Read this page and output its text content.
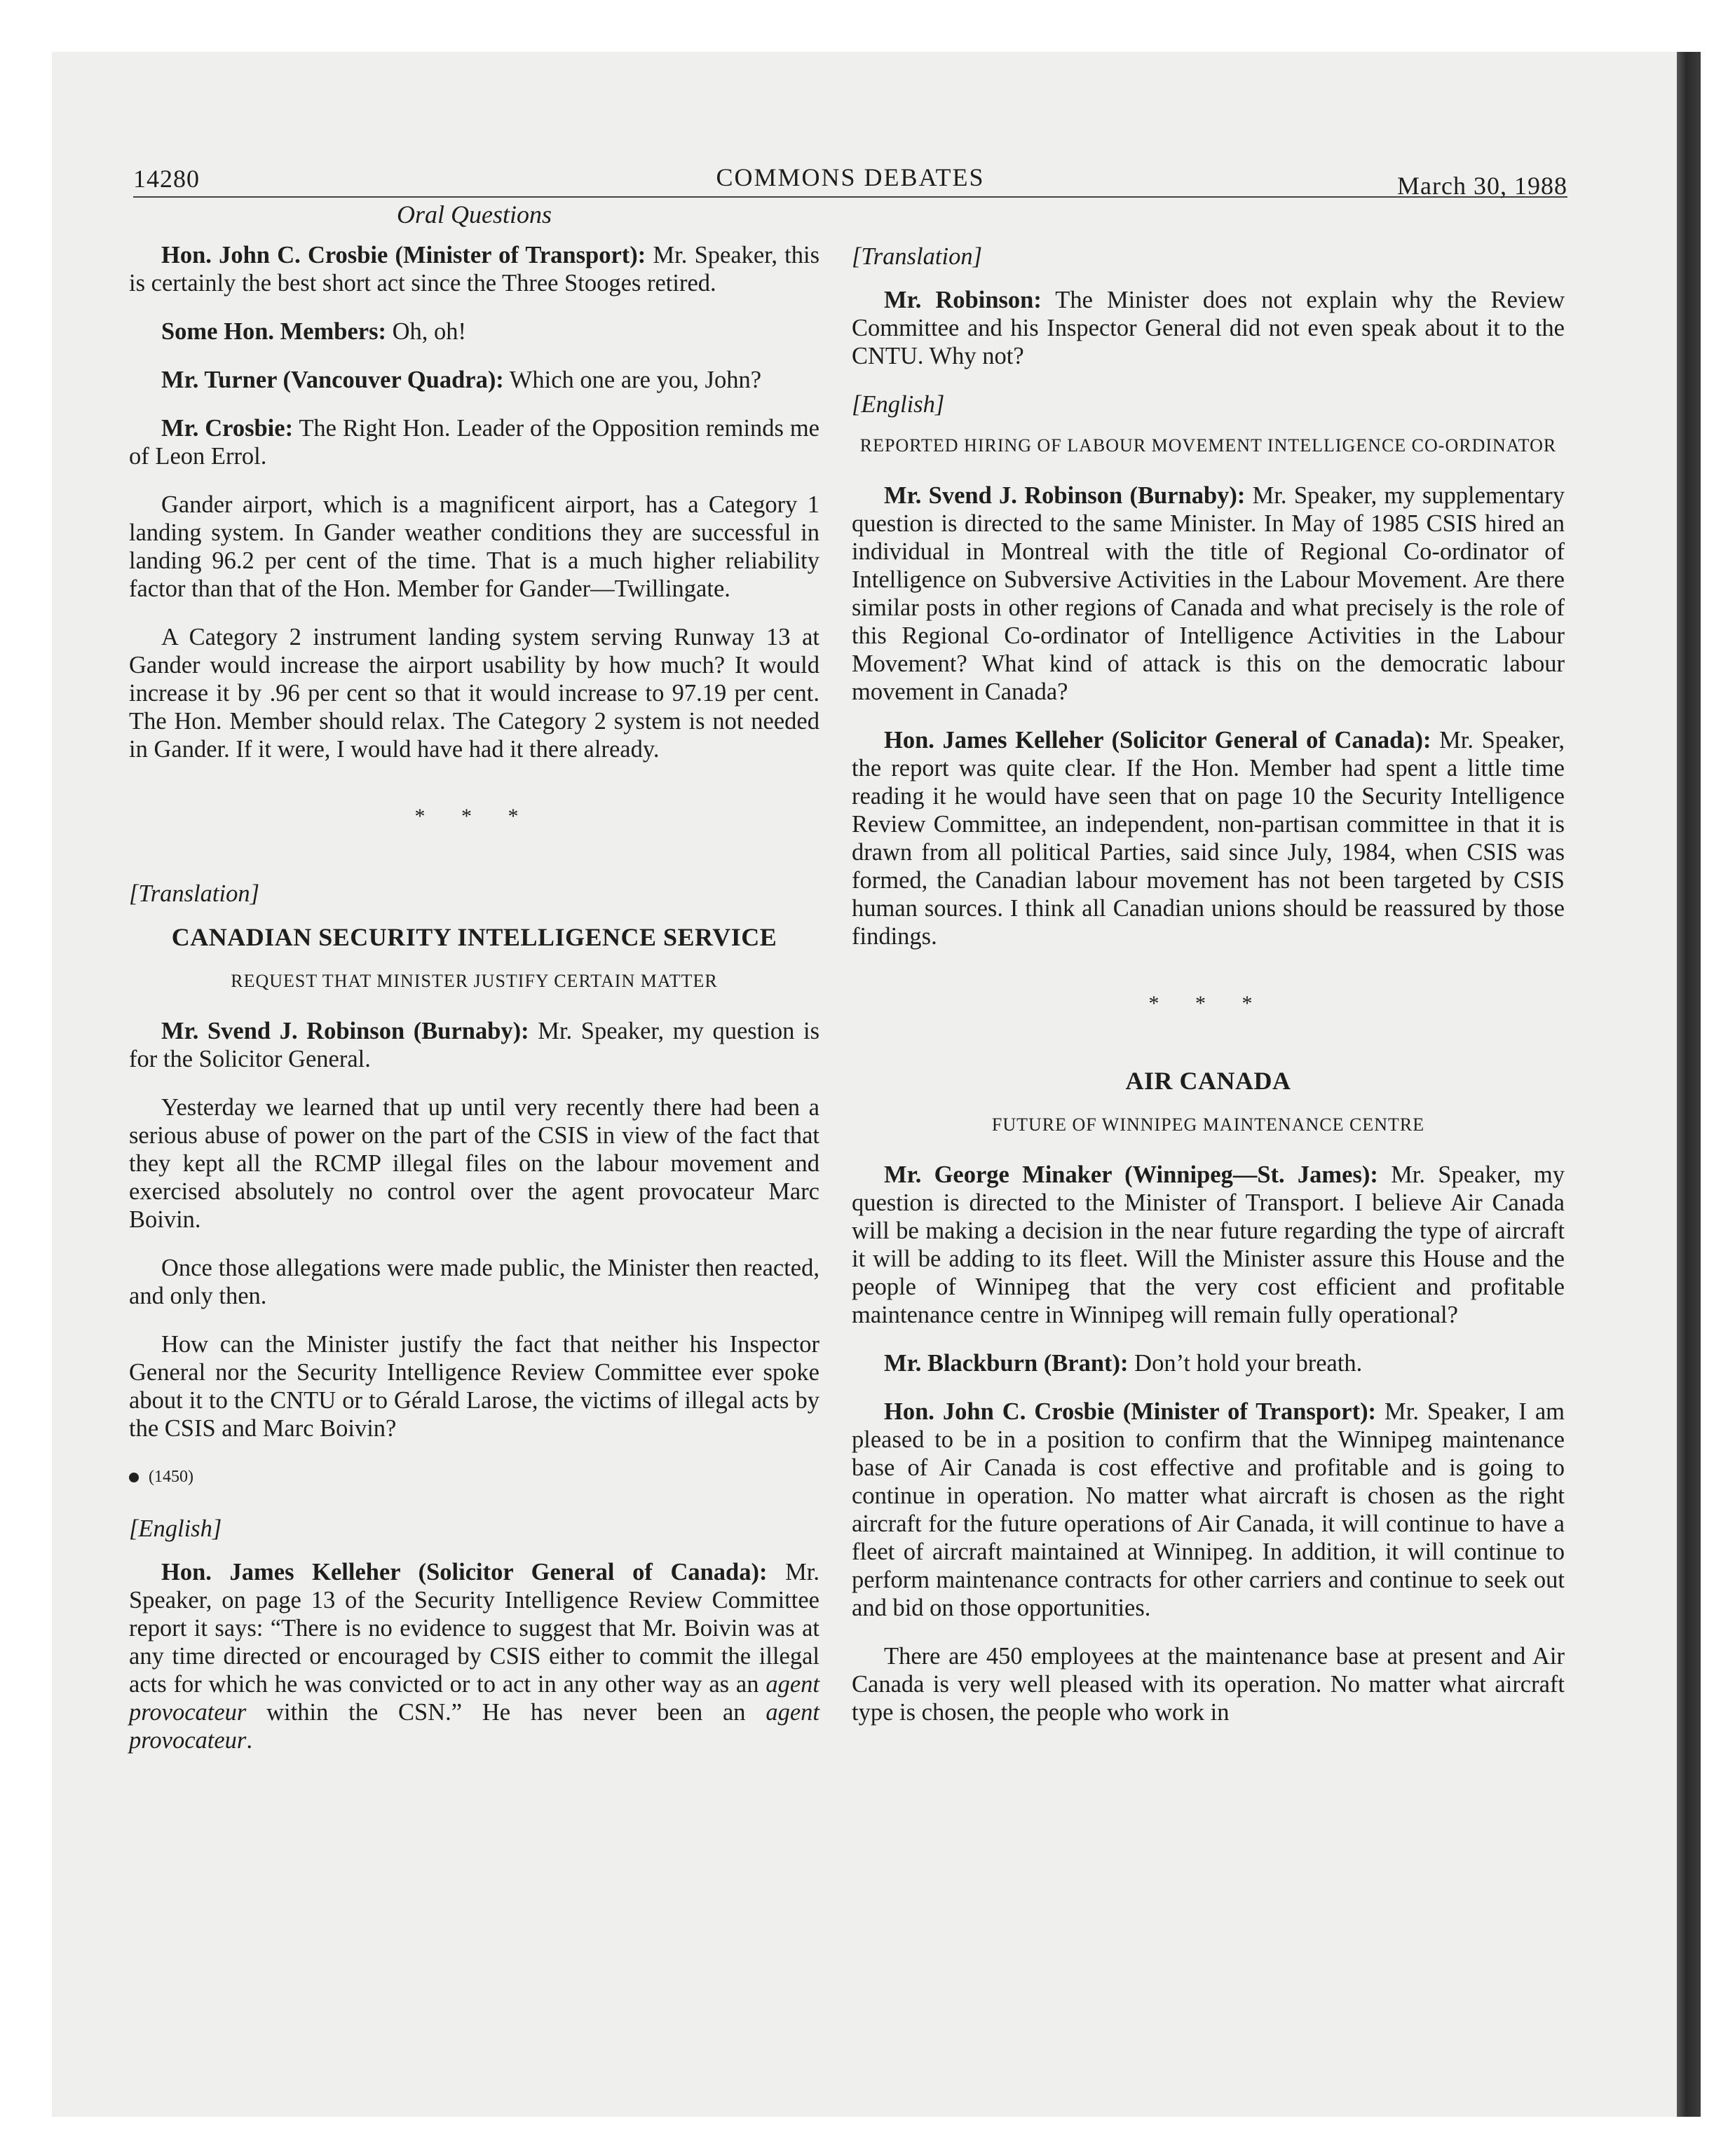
14280	COMMONS DEBATES	March 30, 1988
Oral Questions

Hon. John C. Crosbie (Minister of Transport): Mr. Speaker, this is certainly the best short act since the Three Stooges retired.

Some Hon. Members: Oh, oh!

Mr. Turner (Vancouver Quadra): Which one are you, John?

Mr. Crosbie: The Right Hon. Leader of the Opposition reminds me of Leon Errol.

Gander airport, which is a magnificent airport, has a Category 1 landing system. In Gander weather conditions they are successful in landing 96.2 per cent of the time. That is a much higher reliability factor than that of the Hon. Member for Gander—Twillingate.

A Category 2 instrument landing system serving Runway 13 at Gander would increase the airport usability by how much? It would increase it by .96 per cent so that it would increase to 97.19 per cent. The Hon. Member should relax. The Category 2 system is not needed in Gander. If it were, I would have had it there already.

* * *
[Translation]
CANADIAN SECURITY INTELLIGENCE SERVICE
REQUEST THAT MINISTER JUSTIFY CERTAIN MATTER

Mr. Svend J. Robinson (Burnaby): Mr. Speaker, my question is for the Solicitor General.

Yesterday we learned that up until very recently there had been a serious abuse of power on the part of the CSIS in view of the fact that they kept all the RCMP illegal files on the labour movement and exercised absolutely no control over the agent provocateur Marc Boivin.

Once those allegations were made public, the Minister then reacted, and only then.

How can the Minister justify the fact that neither his Inspector General nor the Security Intelligence Review Committee ever spoke about it to the CNTU or to Gérald Larose, the victims of illegal acts by the CSIS and Marc Boivin?

(1450)
[English]

Hon. James Kelleher (Solicitor General of Canada): Mr. Speaker, on page 13 of the Security Intelligence Review Committee report it says: “There is no evidence to suggest that Mr. Boivin was at any time directed or encouraged by CSIS either to commit the illegal acts for which he was convicted or to act in any other way as an agent provocateur within the CSN.” He has never been an agent provocateur.

[Translation]

Mr. Robinson: The Minister does not explain why the Review Committee and his Inspector General did not even speak about it to the CNTU. Why not?

[English]
REPORTED HIRING OF LABOUR MOVEMENT INTELLIGENCE CO-ORDINATOR

Mr. Svend J. Robinson (Burnaby): Mr. Speaker, my supplementary question is directed to the same Minister. In May of 1985 CSIS hired an individual in Montreal with the title of Regional Co-ordinator of Intelligence on Subversive Activities in the Labour Movement. Are there similar posts in other regions of Canada and what precisely is the role of this Regional Co-ordinator of Intelligence Activities in the Labour Movement? What kind of attack is this on the democratic labour movement in Canada?

Hon. James Kelleher (Solicitor General of Canada): Mr. Speaker, the report was quite clear. If the Hon. Member had spent a little time reading it he would have seen that on page 10 the Security Intelligence Review Committee, an independent, non-partisan committee in that it is drawn from all political Parties, said since July, 1984, when CSIS was formed, the Canadian labour movement has not been targeted by CSIS human sources. I think all Canadian unions should be reassured by those findings.

* * *
AIR CANADA
FUTURE OF WINNIPEG MAINTENANCE CENTRE

Mr. George Minaker (Winnipeg—St. James): Mr. Speaker, my question is directed to the Minister of Transport. I believe Air Canada will be making a decision in the near future regarding the type of aircraft it will be adding to its fleet. Will the Minister assure this House and the people of Winnipeg that the very cost efficient and profitable maintenance centre in Winnipeg will remain fully operational?

Mr. Blackburn (Brant): Don’t hold your breath.

Hon. John C. Crosbie (Minister of Transport): Mr. Speaker, I am pleased to be in a position to confirm that the Winnipeg maintenance base of Air Canada is cost effective and profitable and is going to continue in operation. No matter what aircraft is chosen as the right aircraft for the future operations of Air Canada, it will continue to have a fleet of aircraft maintained at Winnipeg. In addition, it will continue to perform maintenance contracts for other carriers and continue to seek out and bid on those opportunities.

There are 450 employees at the maintenance base at present and Air Canada is very well pleased with its operation. No matter what aircraft type is chosen, the people who work in
